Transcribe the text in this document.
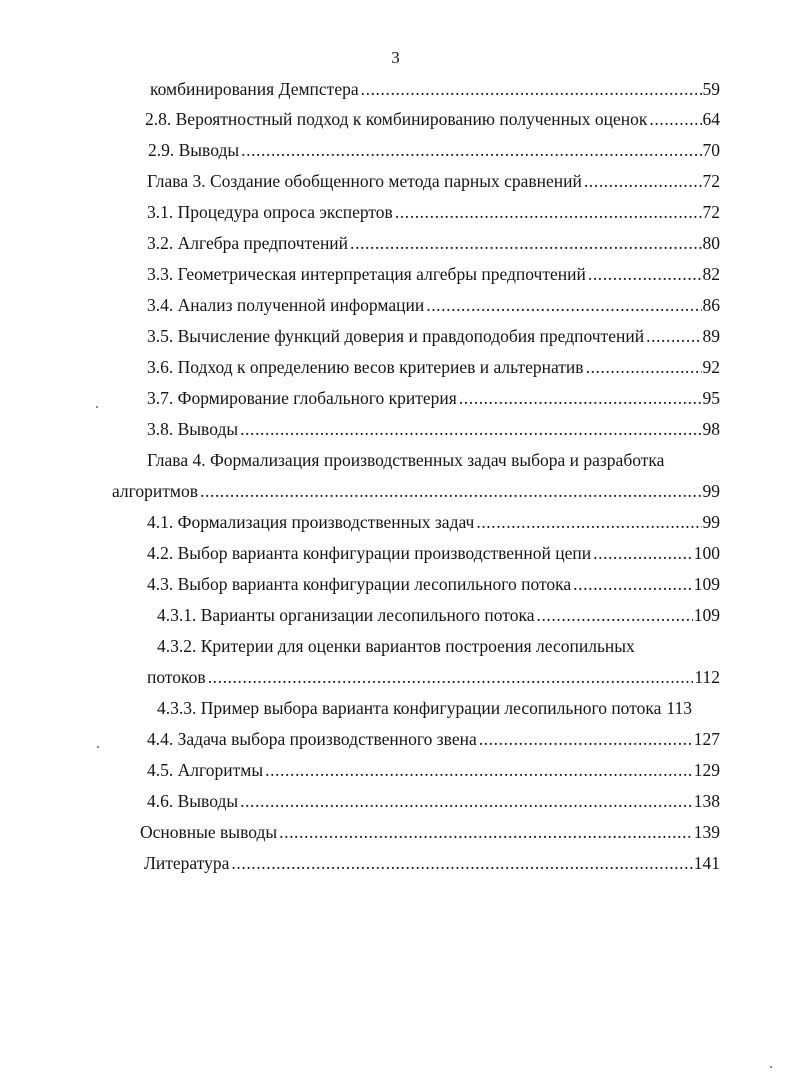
3
комбинирования Демпстера .....	59
2.8. Вероятностный подход к комбинированию полученных оценок .....	64
2.9. Выводы .....	70
Глава 3. Создание обобщенного метода парных сравнений .....	72
3.1. Процедура опроса экспертов .....	72
3.2. Алгебра предпочтений .....	80
3.3. Геометрическая интерпретация алгебры предпочтений .....	82
3.4. Анализ полученной информации .....	86
3.5. Вычисление функций доверия и правдоподобия предпочтений .....	89
3.6. Подход к определению весов критериев и альтернатив .....	92
3.7. Формирование глобального критерия .....	95
3.8. Выводы .....	98
Глава 4. Формализация производственных задач выбора и разработка
алгоритмов .....	99
4.1. Формализация производственных задач .....	99
4.2. Выбор варианта конфигурации производственной цепи .....	100
4.3. Выбор варианта конфигурации лесопильного потока .....	109
4.3.1. Варианты организации лесопильного потока .....	109
4.3.2. Критерии для оценки вариантов построения лесопильных
потоков .....	112
4.3.3. Пример выбора варианта конфигурации лесопильного потока 113
4.4. Задача выбора производственного звена .....	127
4.5. Алгоритмы .....	129
4.6. Выводы .....	138
Основные выводы .....	139
Литература .....	141
